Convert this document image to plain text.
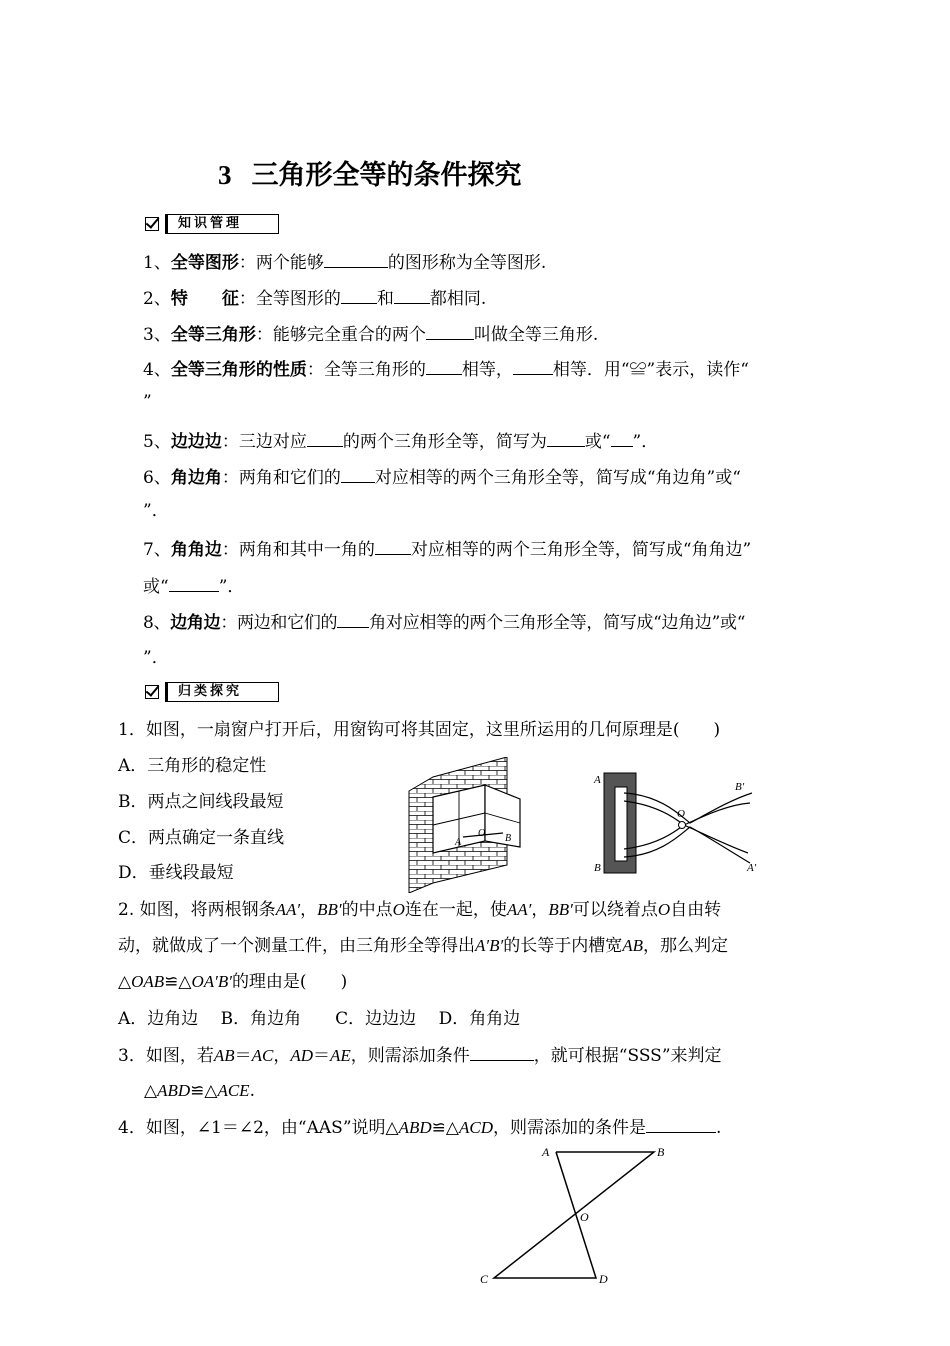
3 三角形全等的条件探究
知识管理
1、全等图形：两个能够	的图形称为全等图形.
2、特　　征：全等图形的 和 都相同.
3、全等三角形：能够完全重合的两个	叫做全等三角形.
4、全等三角形的性质：全等三角形的 相等， 相等．用“≌”表示，读作“
”
5、边边边：三边对应 的两个三角形全等，简写为 或“ ”．
6、角边角：两角和它们的 对应相等的两个三角形全等，简写成“角边角”或“
”．
7、角角边：两角和其中一角的 对应相等的两个三角形全等，简写成“角角边”
或“	”．
8、边角边：两边和它们的 角对应相等的两个三角形全等，简写成“边角边”或“
”．
归类探究
1．如图，一扇窗户打开后，用窗钩可将其固定，这里所运用的几何原理是(　　)
A．三角形的稳定性
B．两点之间线段最短
C．两点确定一条直线
D．垂线段最短
A
O B
A
B
O
B′
A′
2. 如图，将两根钢条AA′，BB′的中点O连在一起，使AA′，BB′可以绕着点O自由转
动，就做成了一个测量工件，由三角形全等得出A′B′的长等于内槽宽AB，那么判定
△OAB≌△OA′B′的理由是(　　)
A．边角边　 B．角边角　　C．边边边　 D．角角边
3．如图，若AB＝AC，AD＝AE，则需添加条件	，就可根据“SSS”来判定
△ABD≌△ACE.
4．如图，∠1＝∠2，由“AAS”说明△ABD≌△ACD，则需添加的条件是	.
A	B
O
C	D
